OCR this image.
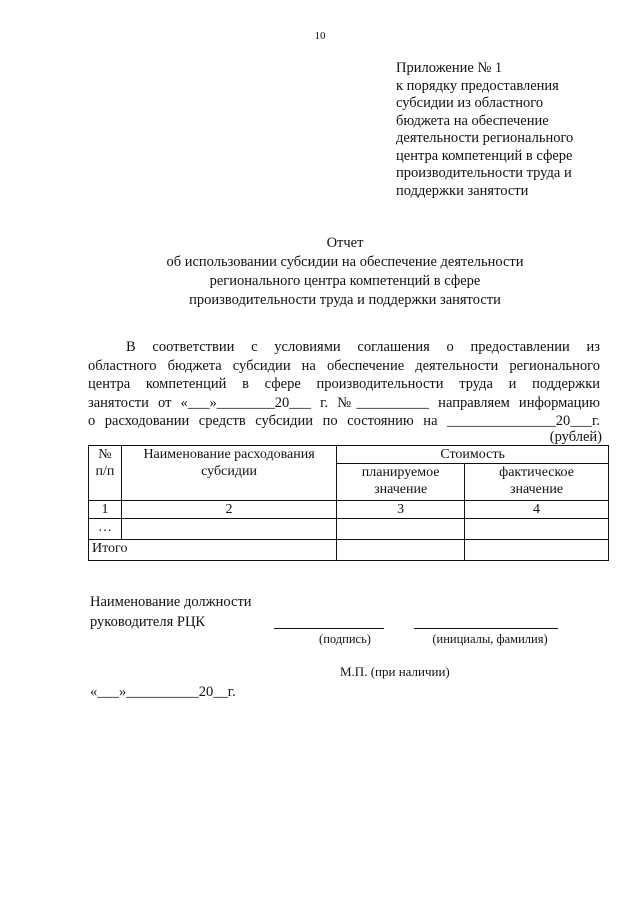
10
Приложение № 1
к порядку предоставления
субсидии из областного
бюджета на обеспечение
деятельности регионального
центра компетенций в сфере
производительности труда и
поддержки занятости
Отчет
об использовании субсидии на обеспечение деятельности
регионального центра компетенций в сфере
производительности труда и поддержки занятости
В соответствии с условиями соглашения о предоставлении из
областного бюджета субсидии на обеспечение деятельности регионального
центра компетенций в сфере производительности труда и поддержки
занятости от «___»________20___ г. №__________ направляем информацию
о расходовании средств субсидии по состоянию на _______________20___г.
(рублей)
№ п/п	Наименование расходования субсидии	Стоимость	
		планируемое значение	фактическое значение
1	2	3	4
…			
Итого			
Наименование должности
руководителя РЦК
(подпись)	(инициалы, фамилия)
М.П. (при наличии)
«___»__________20__г.
